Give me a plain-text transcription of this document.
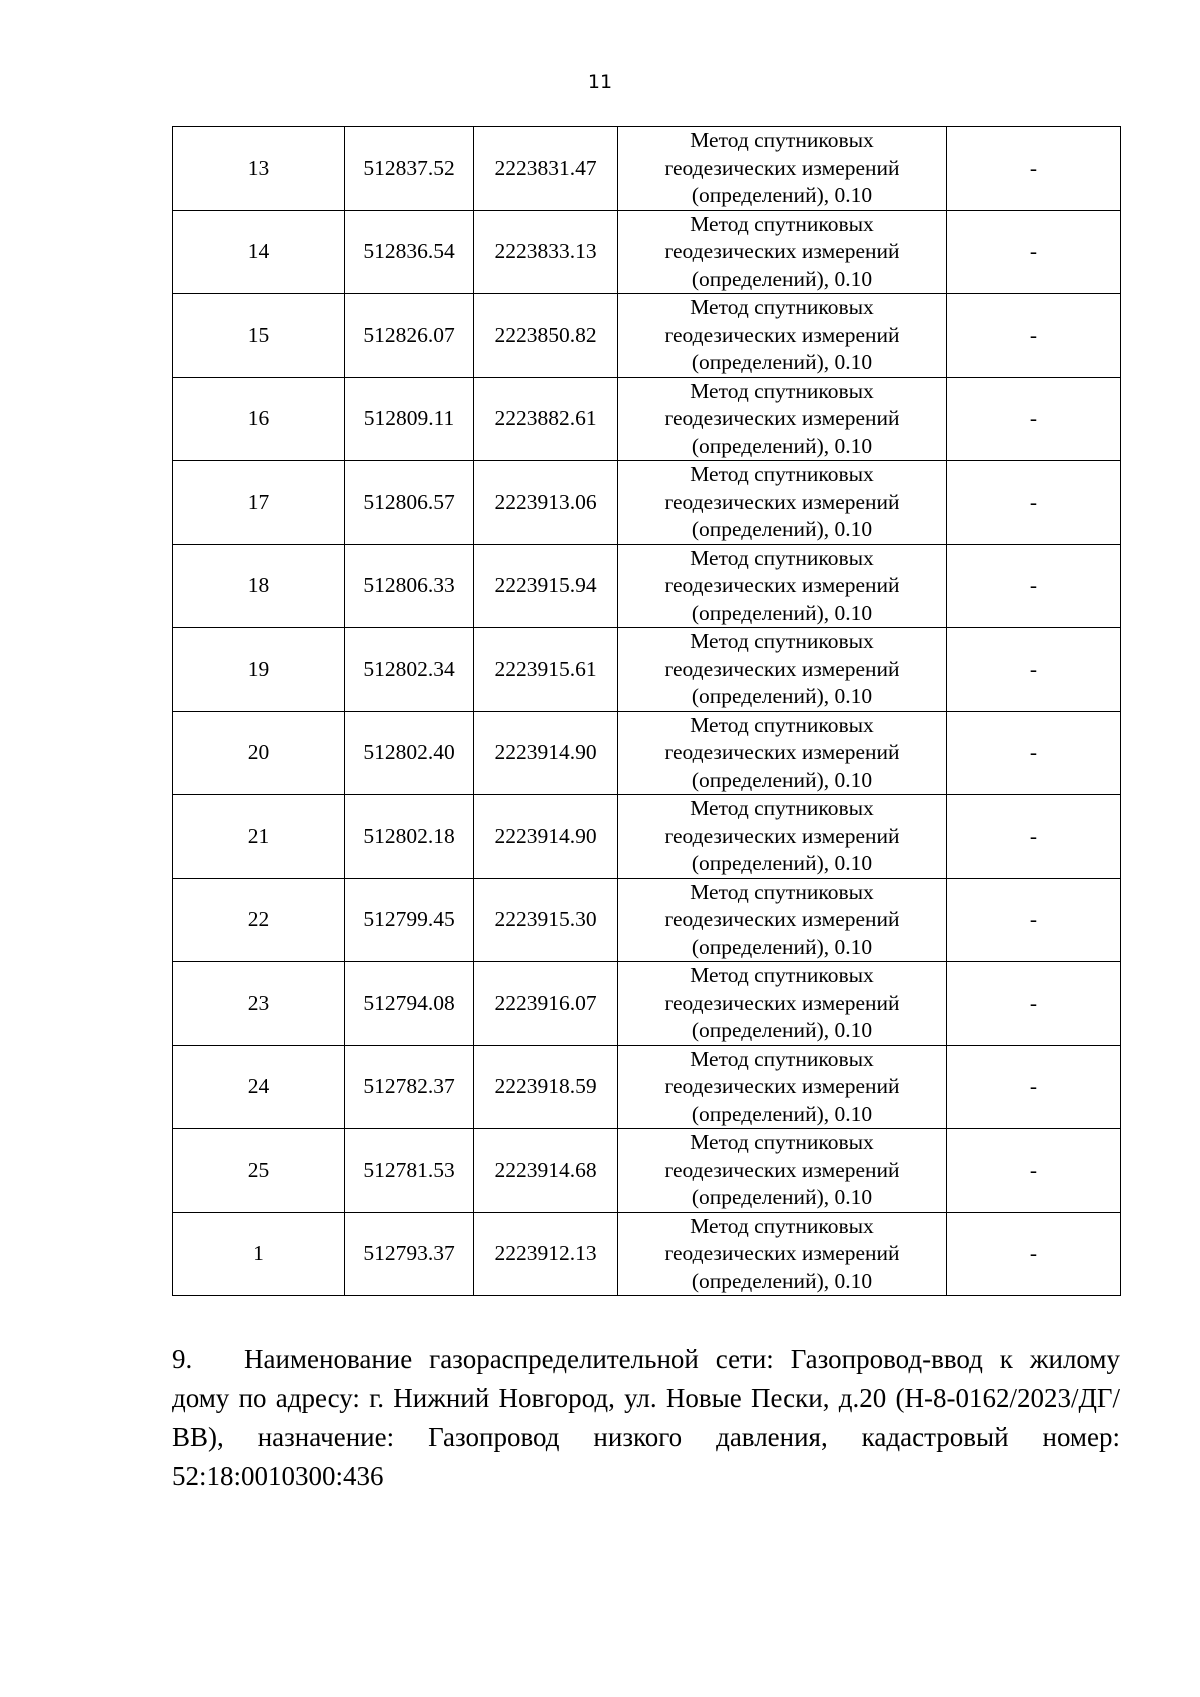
11
13	512837.52	2223831.47	Метод спутниковых
геодезических измерений
(определений), 0.10	-
14	512836.54	2223833.13	Метод спутниковых
геодезических измерений
(определений), 0.10	-
15	512826.07	2223850.82	Метод спутниковых
геодезических измерений
(определений), 0.10	-
16	512809.11	2223882.61	Метод спутниковых
геодезических измерений
(определений), 0.10	-
17	512806.57	2223913.06	Метод спутниковых
геодезических измерений
(определений), 0.10	-
18	512806.33	2223915.94	Метод спутниковых
геодезических измерений
(определений), 0.10	-
19	512802.34	2223915.61	Метод спутниковых
геодезических измерений
(определений), 0.10	-
20	512802.40	2223914.90	Метод спутниковых
геодезических измерений
(определений), 0.10	-
21	512802.18	2223914.90	Метод спутниковых
геодезических измерений
(определений), 0.10	-
22	512799.45	2223915.30	Метод спутниковых
геодезических измерений
(определений), 0.10	-
23	512794.08	2223916.07	Метод спутниковых
геодезических измерений
(определений), 0.10	-
24	512782.37	2223918.59	Метод спутниковых
геодезических измерений
(определений), 0.10	-
25	512781.53	2223914.68	Метод спутниковых
геодезических измерений
(определений), 0.10	-
1	512793.37	2223912.13	Метод спутниковых
геодезических измерений
(определений), 0.10	-

9. Наименование газораспределительной сети: Газопровод-ввод к жилому дому по адресу: г. Нижний Новгород, ул. Новые Пески, д.20 (Н-8-0162/2023/ДГ/ВВ), назначение: Газопровод низкого давления, кадастровый номер: 52:18:0010300:436
